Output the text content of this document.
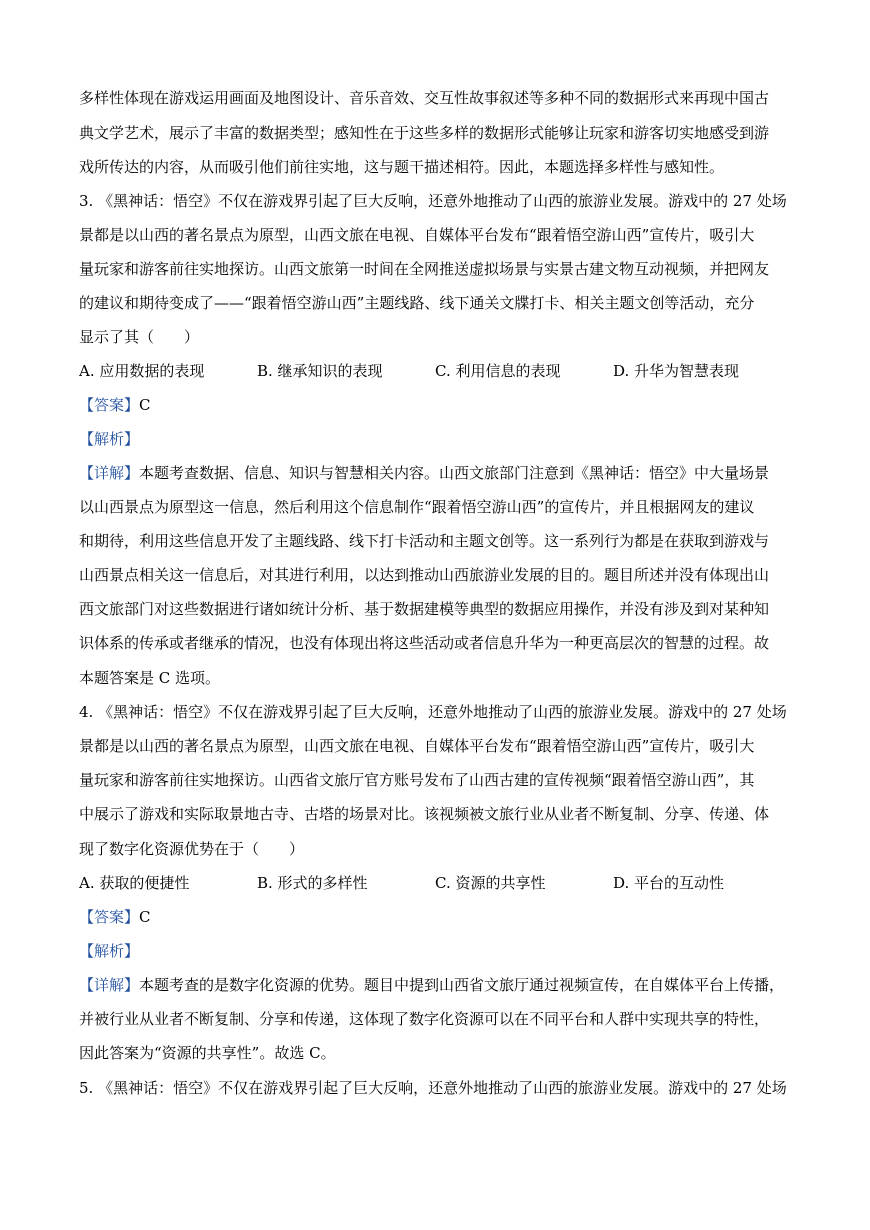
多样性体现在游戏运用画面及地图设计、音乐音效、交互性故事叙述等多种不同的数据形式来再现中国古
典文学艺术，展示了丰富的数据类型；感知性在于这些多样的数据形式能够让玩家和游客切实地感受到游
戏所传达的内容，从而吸引他们前往实地，这与题干描述相符。因此，本题选择多样性与感知性。
3. 《黑神话：悟空》不仅在游戏界引起了巨大反响，还意外地推动了山西的旅游业发展。游戏中的 27 处场
景都是以山西的著名景点为原型，山西文旅在电视、自媒体平台发布“跟着悟空游山西”宣传片，吸引大
量玩家和游客前往实地探访。山西文旅第一时间在全网推送虚拟场景与实景古建文物互动视频，并把网友
的建议和期待变成了——“跟着悟空游山西”主题线路、线下通关文牒打卡、相关主题文创等活动，充分
显示了其（　　）
A. 应用数据的表现	B. 继承知识的表现	C. 利用信息的表现	D. 升华为智慧表现
【答案】C
【解析】
【详解】本题考查数据、信息、知识与智慧相关内容。山西文旅部门注意到《黑神话：悟空》中大量场景
以山西景点为原型这一信息，然后利用这个信息制作“跟着悟空游山西”的宣传片，并且根据网友的建议
和期待，利用这些信息开发了主题线路、线下打卡活动和主题文创等。这一系列行为都是在获取到游戏与
山西景点相关这一信息后，对其进行利用，以达到推动山西旅游业发展的目的。题目所述并没有体现出山
西文旅部门对这些数据进行诸如统计分析、基于数据建模等典型的数据应用操作，并没有涉及到对某种知
识体系的传承或者继承的情况，也没有体现出将这些活动或者信息升华为一种更高层次的智慧的过程。故
本题答案是 C 选项。
4. 《黑神话：悟空》不仅在游戏界引起了巨大反响，还意外地推动了山西的旅游业发展。游戏中的 27 处场
景都是以山西的著名景点为原型，山西文旅在电视、自媒体平台发布“跟着悟空游山西”宣传片，吸引大
量玩家和游客前往实地探访。山西省文旅厅官方账号发布了山西古建的宣传视频“跟着悟空游山西”，其
中展示了游戏和实际取景地古寺、古塔的场景对比。该视频被文旅行业从业者不断复制、分享、传递、体
现了数字化资源优势在于（　　）
A. 获取的便捷性	B. 形式的多样性	C. 资源的共享性	D. 平台的互动性
【答案】C
【解析】
【详解】本题考查的是数字化资源的优势。题目中提到山西省文旅厅通过视频宣传，在自媒体平台上传播，
并被行业从业者不断复制、分享和传递，这体现了数字化资源可以在不同平台和人群中实现共享的特性，
因此答案为“资源的共享性”。故选 C。
5. 《黑神话：悟空》不仅在游戏界引起了巨大反响，还意外地推动了山西的旅游业发展。游戏中的 27 处场
